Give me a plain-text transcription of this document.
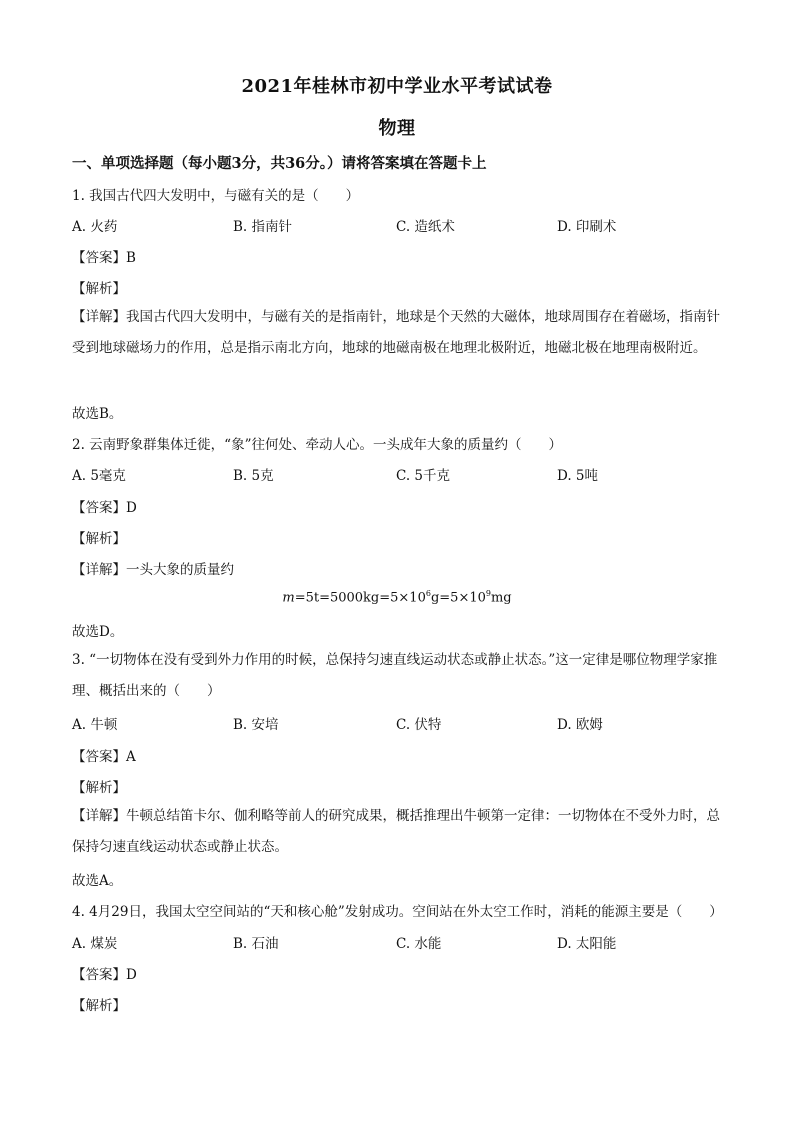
2021年桂林市初中学业水平考试试卷
物理
一、单项选择题（每小题3分，共36分。）请将答案填在答题卡上
1. 我国古代四大发明中，与磁有关的是（　　）
A. 火药	B. 指南针	C. 造纸术	D. 印刷术
【答案】B
【解析】
【详解】我国古代四大发明中，与磁有关的是指南针，地球是个天然的大磁体，地球周围存在着磁场，指南针受到地球磁场力的作用，总是指示南北方向，地球的地磁南极在地理北极附近，地磁北极在地理南极附近。
故选B。
2. 云南野象群集体迁徙，“象”往何处、牵动人心。一头成年大象的质量约（　　）
A. 5毫克	B. 5克	C. 5千克	D. 5吨
【答案】D
【解析】
【详解】一头大象的质量约
$m=5t=5000kg=5\times 10^6g=5\times 10^9mg$
故选D。
3. “一切物体在没有受到外力作用的时候，总保持匀速直线运动状态或静止状态。”这一定律是哪位物理学家推理、概括出来的（　　）
A. 牛顿	B. 安培	C. 伏特	D. 欧姆
【答案】A
【解析】
【详解】牛顿总结笛卡尔、伽利略等前人的研究成果，概括推理出牛顿第一定律：一切物体在不受外力时，总保持匀速直线运动状态或静止状态。
故选A。
4. 4月29日，我国太空空间站的“天和核心舱”发射成功。空间站在外太空工作时，消耗的能源主要是（　　）
A. 煤炭	B. 石油	C. 水能	D. 太阳能
【答案】D
【解析】
